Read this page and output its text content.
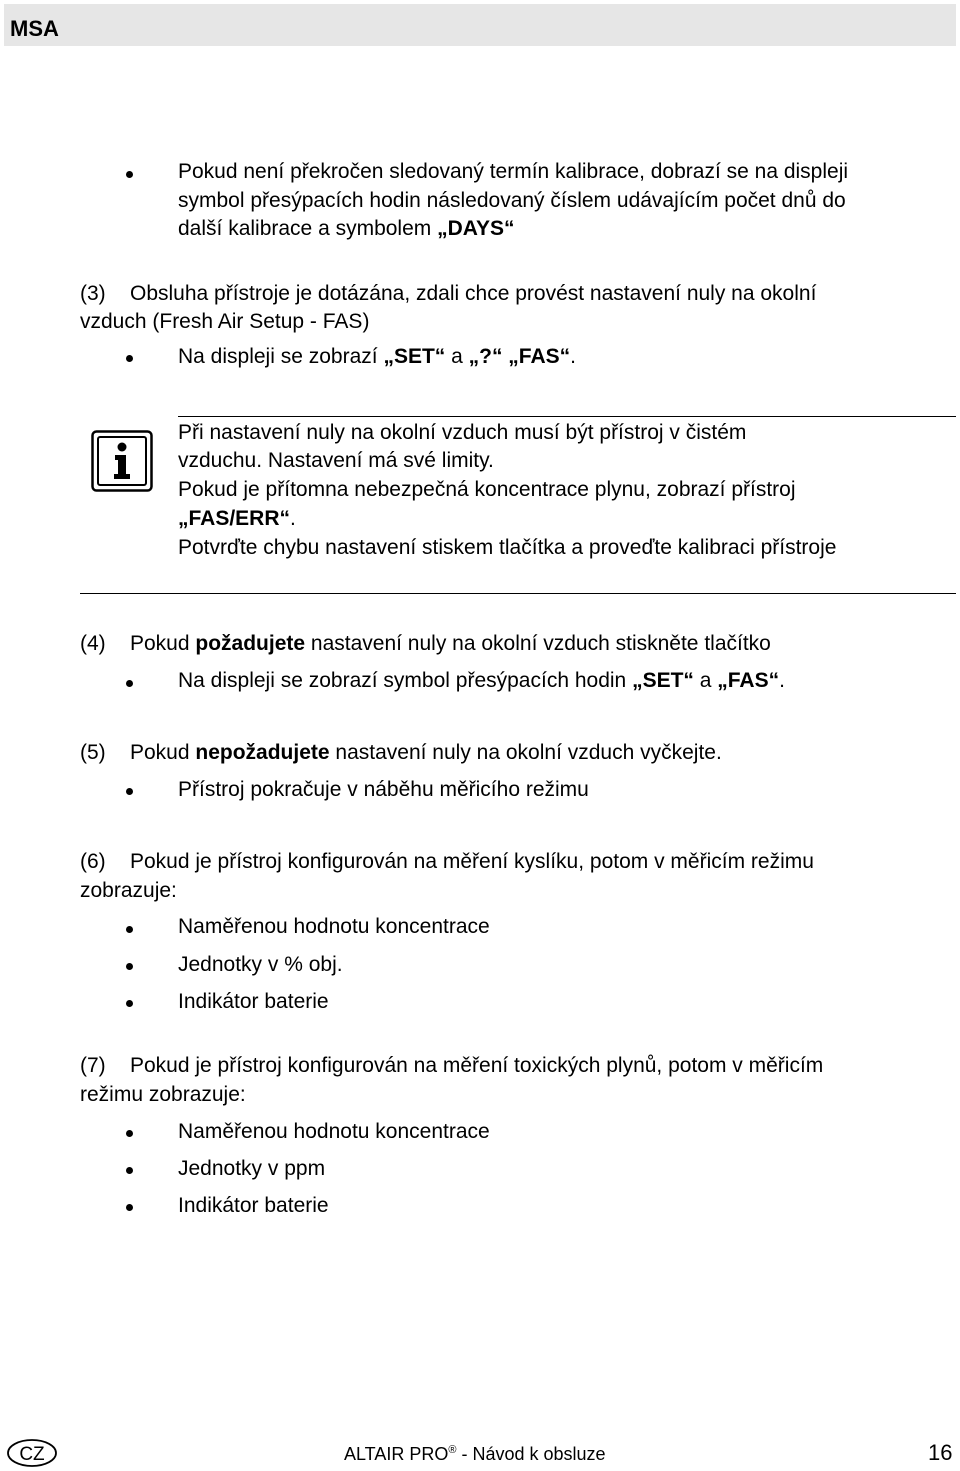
MSA
Pokud není překročen sledovaný termín kalibrace, dobrazí se na displeji
symbol přesýpacích hodin následovaný číslem udávajícím počet dnů do
další kalibrace a symbolem „DAYS“
(3) Obsluha přístroje je dotázána, zdali chce provést nastavení nuly na okolní
vzduch (Fresh Air Setup - FAS)
Na displeji se zobrazí „SET“ a „?“ „FAS“.
Při nastavení nuly na okolní vzduch musí být přístroj v čistém
vzduchu. Nastavení má své limity.
Pokud je přítomna nebezpečná koncentrace plynu, zobrazí přístroj
„FAS/ERR“.
Potvrďte chybu nastavení stiskem tlačítka a proveďte kalibraci přístroje
(4) Pokud požadujete nastavení nuly na okolní vzduch stiskněte tlačítko
Na displeji se zobrazí symbol přesýpacích hodin „SET“ a „FAS“.
(5) Pokud nepožadujete nastavení nuly na okolní vzduch vyčkejte.
Přístroj pokračuje v náběhu měřicího režimu
(6) Pokud je přístroj konfigurován na měření kyslíku, potom v měřicím režimu
zobrazuje:
Naměřenou hodnotu koncentrace
Jednotky v % obj.
Indikátor baterie
(7) Pokud je přístroj konfigurován na měření toxických plynů, potom v měřicím
režimu zobrazuje:
Naměřenou hodnotu koncentrace
Jednotky v ppm
Indikátor baterie
CZ	ALTAIR PRO® - Návod k obsluze	16
